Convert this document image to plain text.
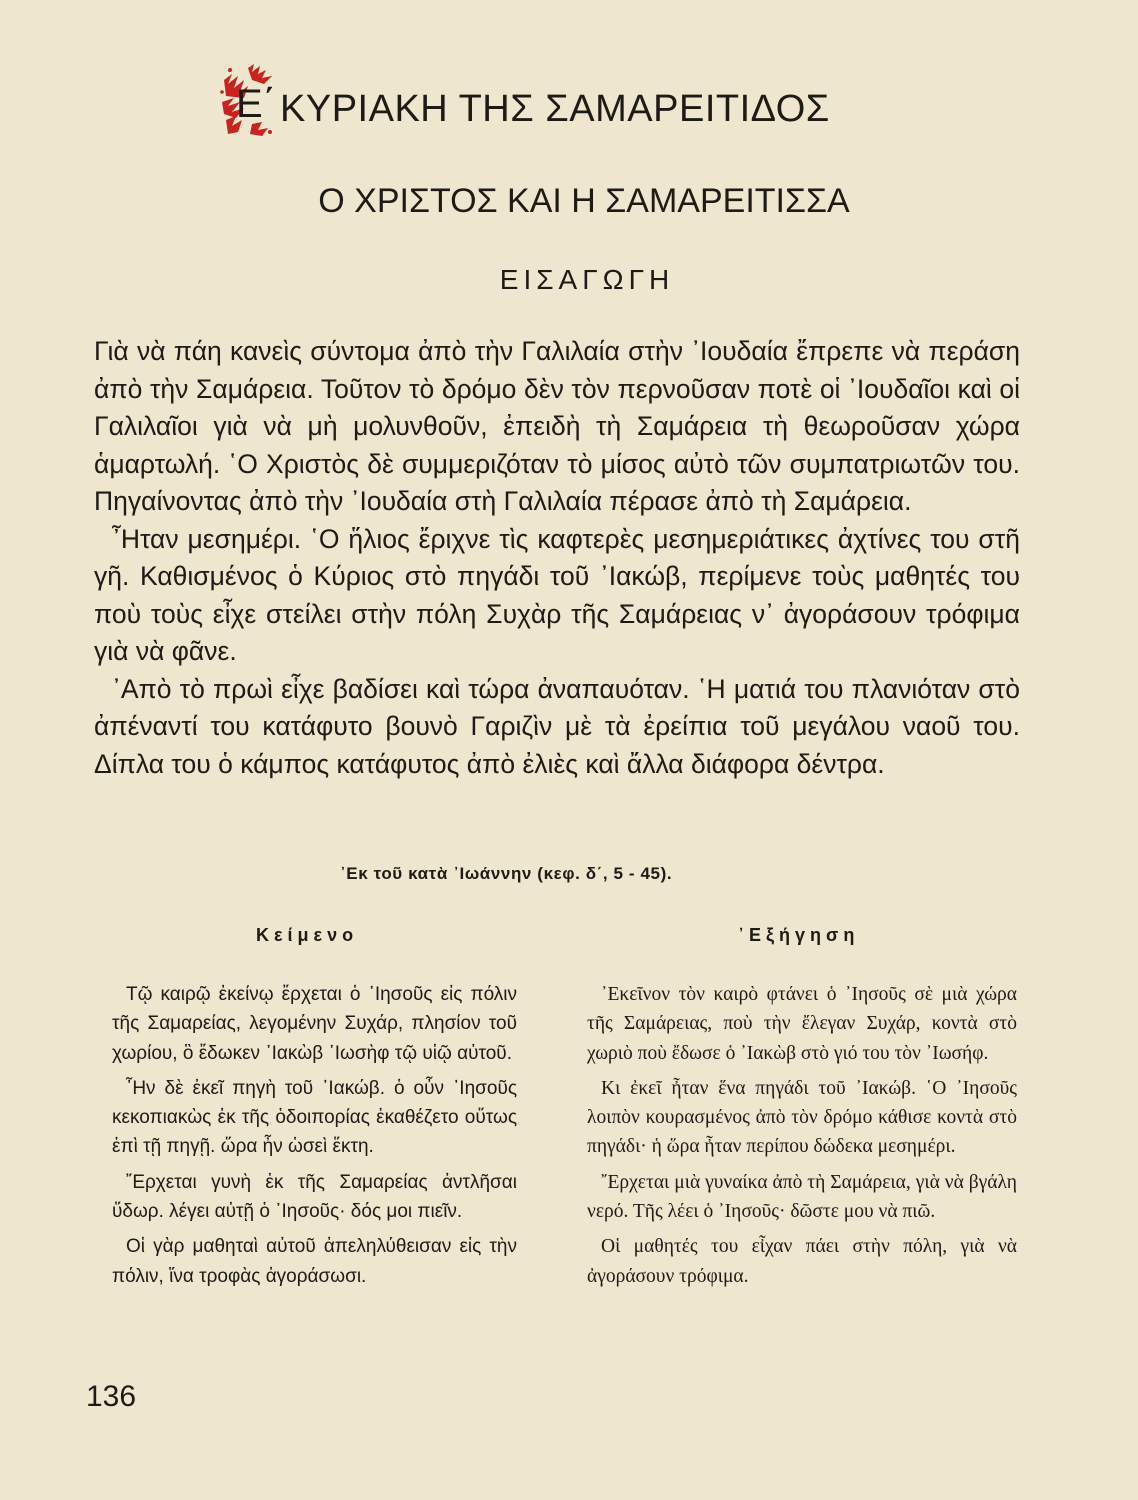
Ε΄ ΚΥΡΙΑΚΗ ΤΗΣ ΣΑΜΑΡΕΙΤΙΔΟΣ
Ο ΧΡΙΣΤΟΣ ΚΑΙ Η ΣΑΜΑΡΕΙΤΙΣΣΑ
ΕΙΣΑΓΩΓΗ

Γιὰ νὰ πάη κανεὶς σύντομα ἀπὸ τὴν Γαλιλαία στὴν ᾿Ιουδαία ἔπρεπε νὰ περάση ἀπὸ τὴν Σαμάρεια. Τοῦτον τὸ δρόμο δὲν τὸν περνοῦσαν ποτὲ οἱ ᾿Ιουδαῖοι καὶ οἱ Γαλιλαῖοι γιὰ νὰ μὴ μολυνθοῦν, ἐπειδὴ τὴ Σαμάρεια τὴ θεωροῦσαν χώρα ἁμαρτωλή. ῾Ο Χριστὸς δὲ συμμεριζόταν τὸ μίσος αὐτὸ τῶν συμπατριωτῶν του. Πηγαίνοντας ἀπὸ τὴν ᾿Ιουδαία στὴ Γαλιλαία πέρασε ἀπὸ τὴ Σαμάρεια.

῏Ηταν μεσημέρι. ῾Ο ἥλιος ἔριχνε τὶς καφτερὲς μεσημεριάτικες ἀχτίνες του στῆ γῆ. Καθισμένος ὁ Κύριος στὸ πηγάδι τοῦ ᾿Ιακώβ, περίμενε τοὺς μαθητές του ποὺ τοὺς εἶχε στείλει στὴν πόλη Συχὰρ τῆς Σαμάρειας ν᾿ ἀγοράσουν τρόφιμα γιὰ νὰ φᾶνε.

᾿Απὸ τὸ πρωὶ εἶχε βαδίσει καὶ τώρα ἀναπαυόταν. ῾Η ματιά του πλανιόταν στὸ ἀπέναντί του κατάφυτο βουνὸ Γαριζὶν μὲ τὰ ἐρείπια τοῦ μεγάλου ναοῦ του. Δίπλα του ὁ κάμπος κατάφυτος ἀπὸ ἐλιὲς καὶ ἄλλα διάφορα δέντρα.

᾿Εκ τοῦ κατὰ ᾿Ιωάννην (κεφ. δ΄, 5 - 45).
Κείμενο	᾿Εξήγηση

Τῷ καιρῷ ἐκείνῳ ἔρχεται ὁ ᾿Ιησοῦς εἰς πόλιν τῆς Σαμαρείας, λεγομένην Συχάρ, πλησίον τοῦ χωρίου, ὃ ἔδωκεν ᾿Ιακὼβ ᾿Ιωσὴφ τῷ υἱῷ αὐτοῦ.

῏Ην δὲ ἐκεῖ πηγὴ τοῦ ᾿Ιακώβ. ὁ οὖν ᾿Ιησοῦς κεκοπιακὼς ἐκ τῆς ὁδοιπορίας ἐκαθέζετο οὕτως ἐπὶ τῇ πηγῇ. ὥρα ἦν ὡσεὶ ἕκτη.

῎Ερχεται γυνὴ ἐκ τῆς Σαμαρείας ἀντλῆσαι ὕδωρ. λέγει αὐτῇ ὁ ᾿Ιησοῦς· δός μοι πιεῖν.

Οἱ γὰρ μαθηταὶ αὐτοῦ ἀπεληλύθεισαν εἰς τὴν πόλιν, ἵνα τροφὰς ἀγοράσωσι.

᾿Εκεῖνον τὸν καιρὸ φτάνει ὁ ᾿Ιησοῦς σὲ μιὰ χώρα τῆς Σαμάρειας, ποὺ τὴν ἔλεγαν Συχάρ, κοντὰ στὸ χωριὸ ποὺ ἔδωσε ὁ ᾿Ιακὼβ στὸ γιό του τὸν ᾿Ιωσήφ.

Κι ἐκεῖ ἦταν ἕνα πηγάδι τοῦ ᾿Ιακώβ. ῾Ο ᾿Ιησοῦς λοιπὸν κουρασμένος ἀπὸ τὸν δρόμο κάθισε κοντὰ στὸ πηγάδι· ἡ ὥρα ἦταν περίπου δώδεκα μεσημέρι.

῎Ερχεται μιὰ γυναίκα ἀπὸ τὴ Σαμάρεια, γιὰ νὰ βγάλη νερό. Τῆς λέει ὁ ᾿Ιησοῦς· δῶστε μου νὰ πιῶ.

Οἱ μαθητές του εἶχαν πάει στὴν πόλη, γιὰ νὰ ἀγοράσουν τρόφιμα.

136
